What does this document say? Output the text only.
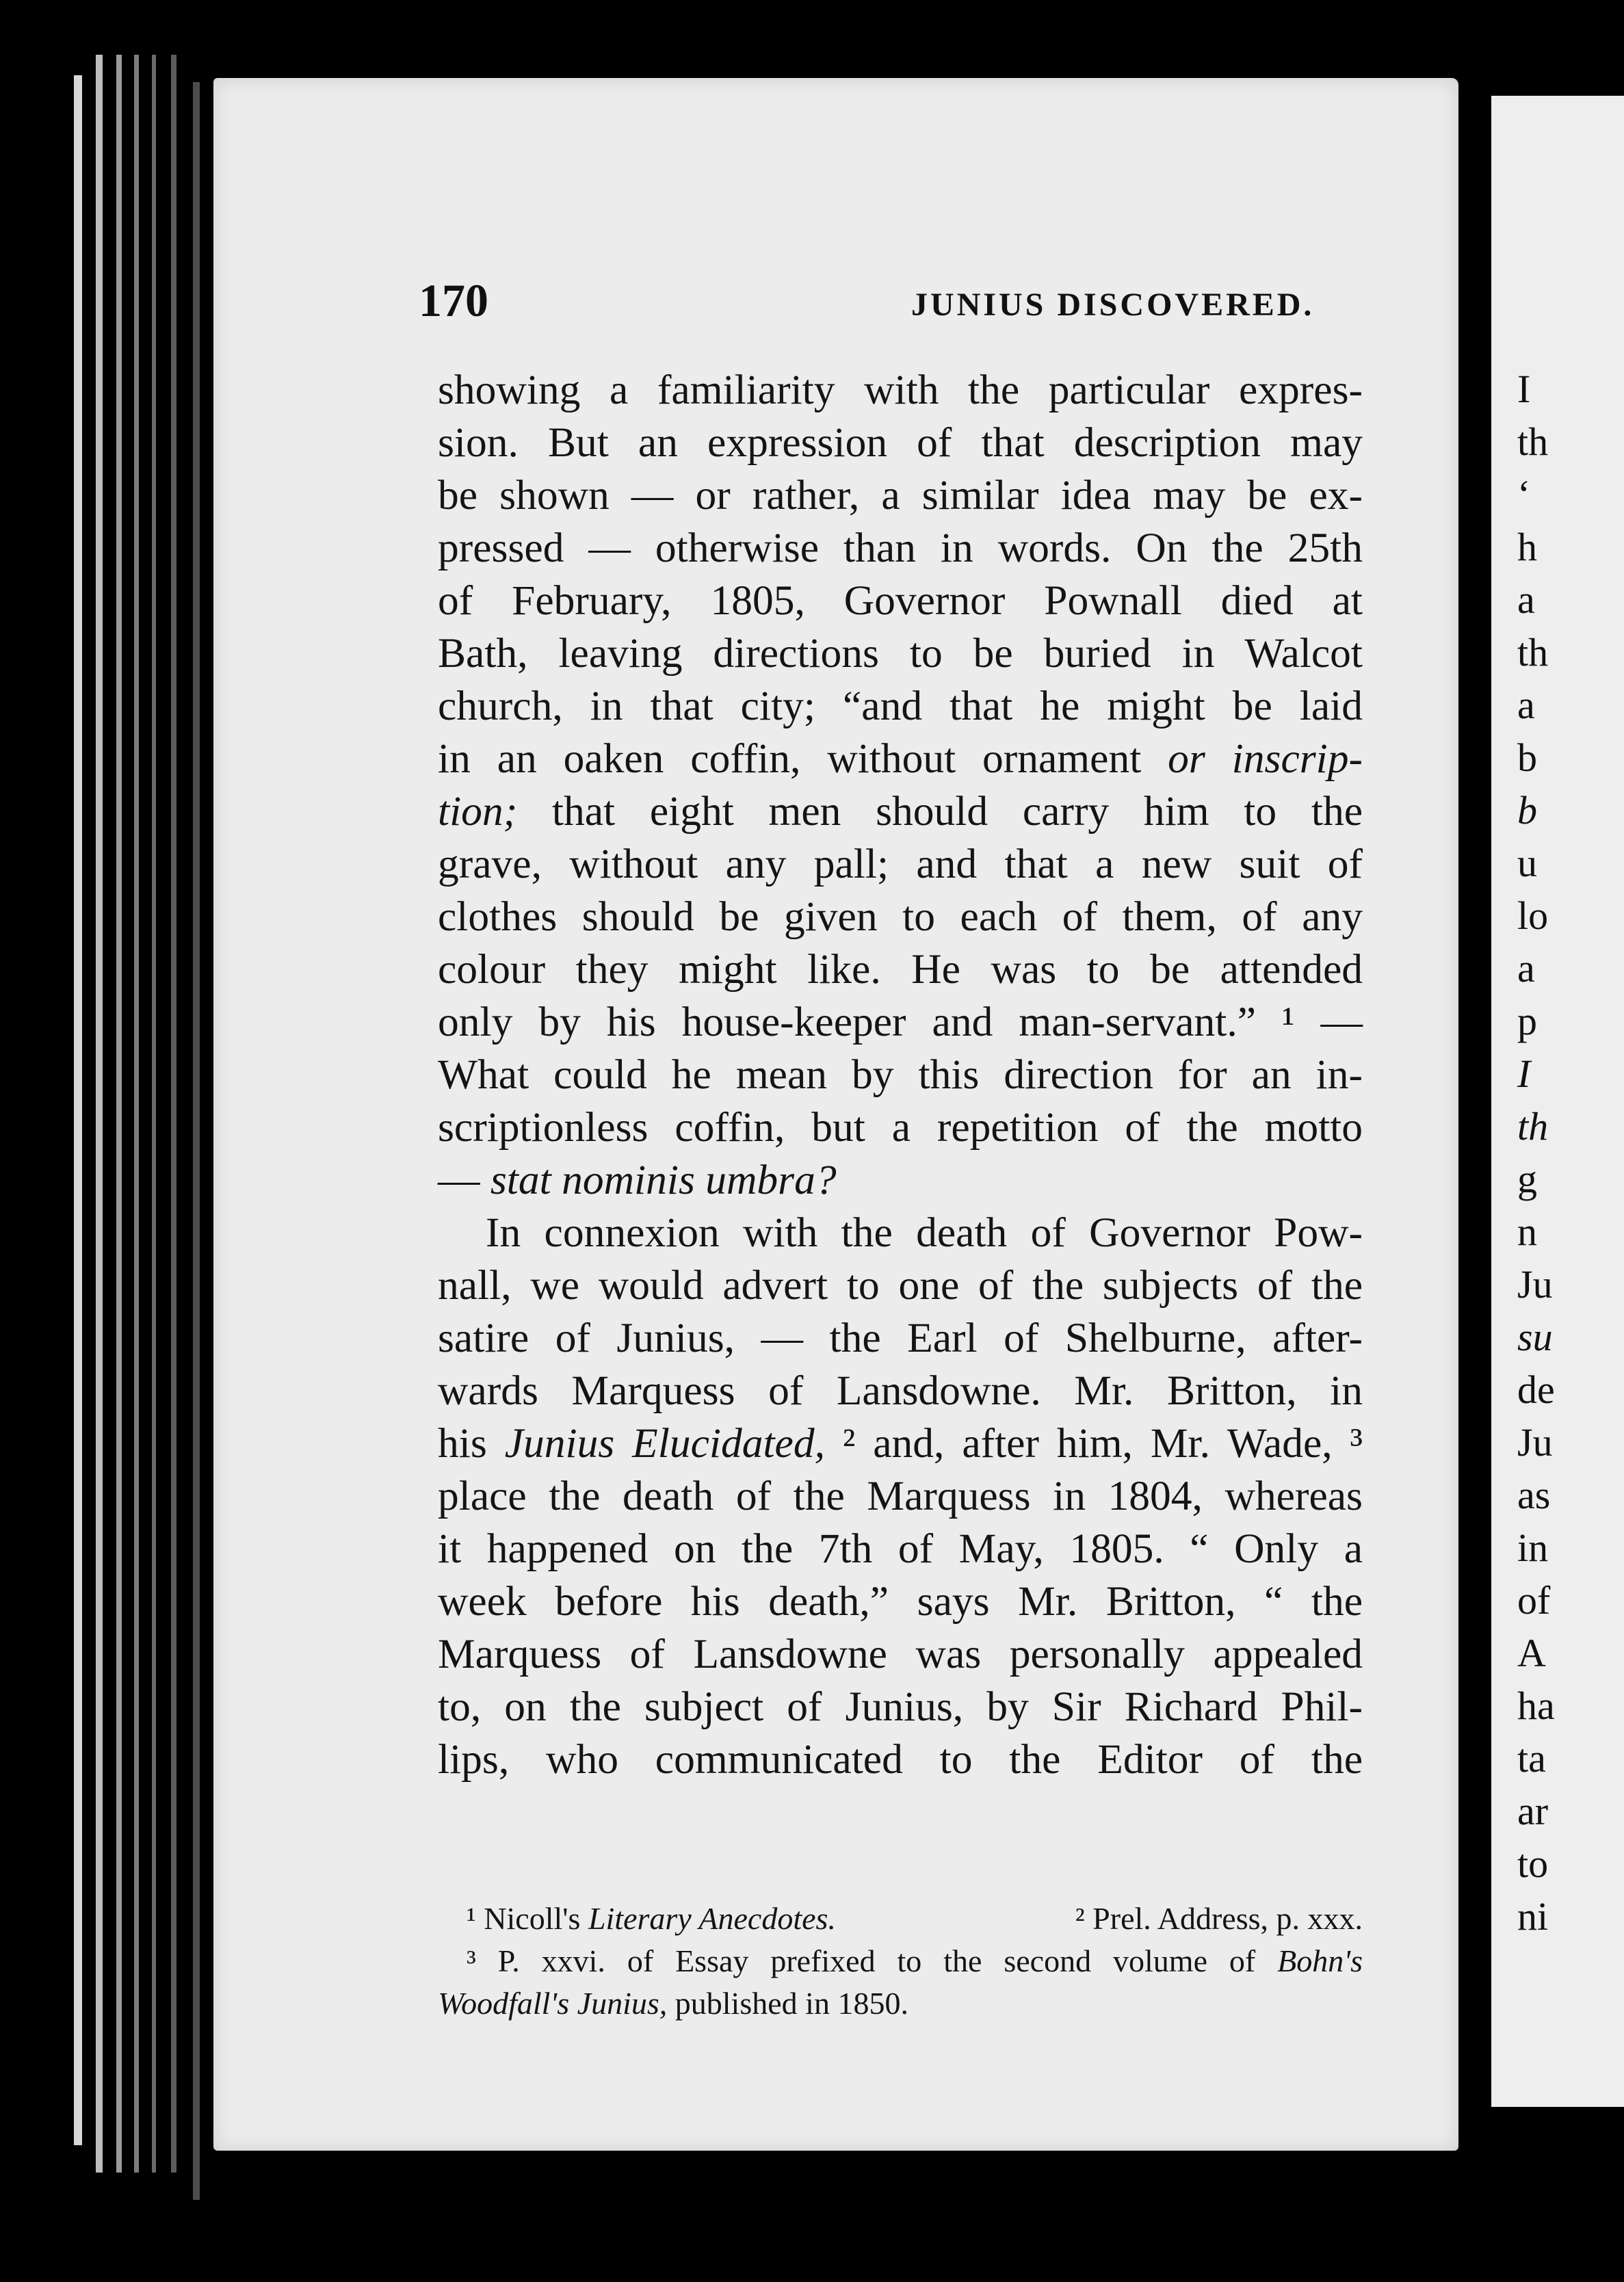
170	JUNIUS DISCOVERED.
showing a familiarity with the particular expres-
sion. But an expression of that description may
be shown — or rather, a similar idea may be ex-
pressed — otherwise than in words. On the 25th
of February, 1805, Governor Pownall died at
Bath, leaving directions to be buried in Walcot
church, in that city; “and that he might be laid
in an oaken coffin, without ornament or inscrip-
tion; that eight men should carry him to the
grave, without any pall; and that a new suit of
clothes should be given to each of them, of any
colour they might like. He was to be attended
only by his house-keeper and man-servant.” ¹ —
What could he mean by this direction for an in-
scriptionless coffin, but a repetition of the motto
— stat nominis umbra?
In connexion with the death of Governor Pow-
nall, we would advert to one of the subjects of the
satire of Junius, — the Earl of Shelburne, after-
wards Marquess of Lansdowne. Mr. Britton, in
his Junius Elucidated, ² and, after him, Mr. Wade, ³
place the death of the Marquess in 1804, whereas
it happened on the 7th of May, 1805. “ Only a
week before his death,” says Mr. Britton, “ the
Marquess of Lansdowne was personally appealed
to, on the subject of Junius, by Sir Richard Phil-
lips, who communicated to the Editor of the
¹ Nicoll's Literary Anecdotes.	² Prel. Address, p. xxx.
³ P. xxvi. of Essay prefixed to the second volume of Bohn's
Woodfall's Junius, published in 1850.
I
th
‘
h
a
th
a
b
b
u
lo
a
p
I
th
g
n
Ju
su
de
Ju
as
in
of
A
ha
ta
ar
to
ni
